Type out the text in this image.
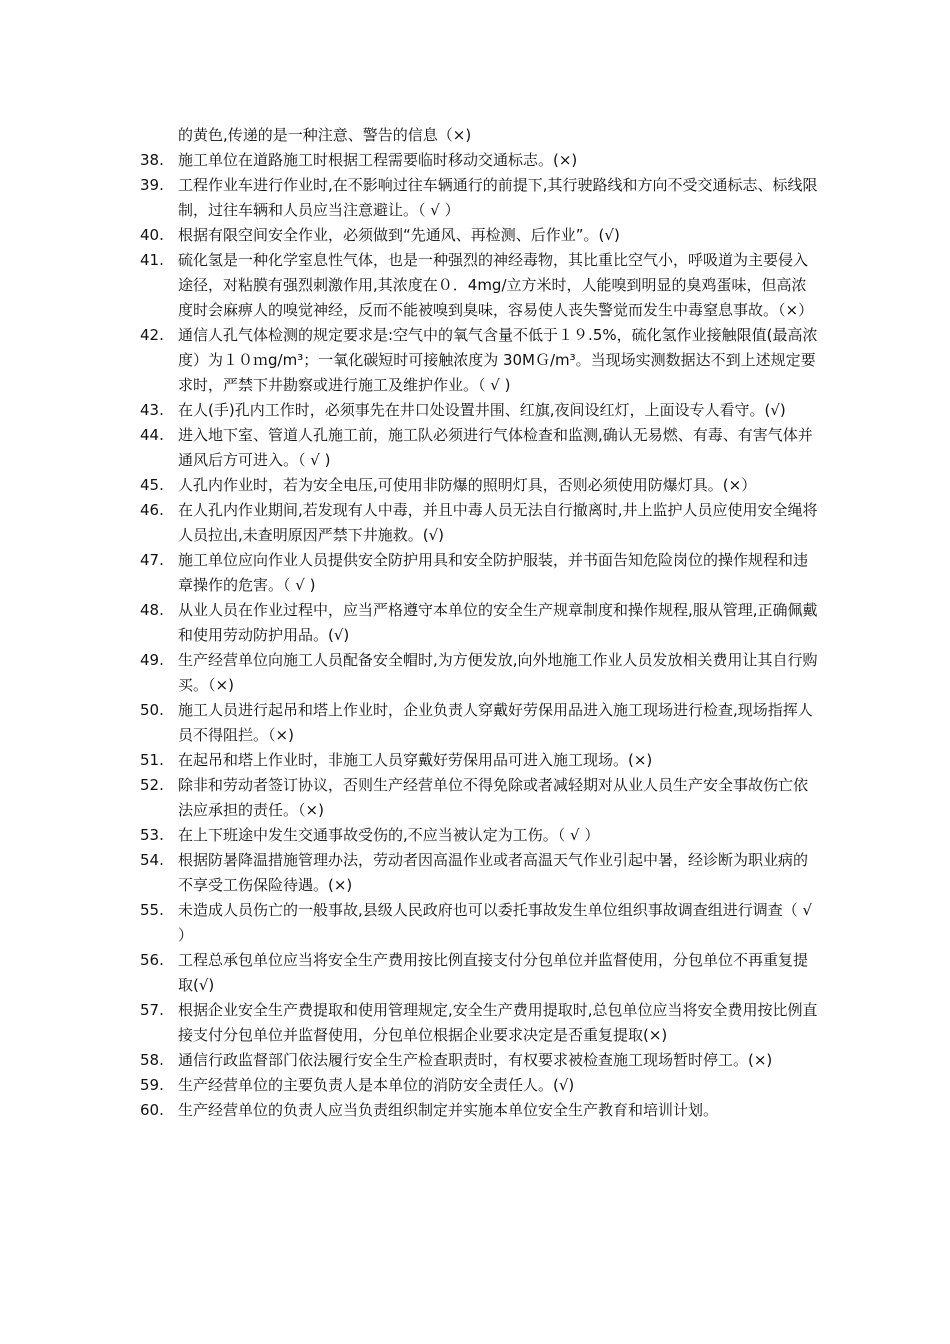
的黄色,传递的是一种注意、警告的信息（×)
38. 施工单位在道路施工时根据工程需要临时移动交通标志。(×)
39. 工程作业车进行作业时,在不影响过往车辆通行的前提下,其行驶路线和方向不受交通标志、标线限制，过往车辆和人员应当注意避让。（ √ ）
40. 根据有限空间安全作业，必须做到“先通风、再检测、后作业”。(√)
41. 硫化氢是一种化学室息性气体，也是一种强烈的神经毒物，其比重比空气小，呼吸道为主要侵入途径，对粘膜有强烈刺激作用,其浓度在０．4mg/立方米时，人能嗅到明显的臭鸡蛋味，但高浓度时会麻痹人的嗅觉神经，反而不能被嗅到臭味，容易使人丧失警觉而发生中毒窒息事故。（×）
42. 通信人孔气体检测的规定要求是:空气中的氧气含量不低于１９.5%，硫化氢作业接触限值(最高浓度）为１０ｍg/m³；一氧化碳短时可接触浓度为 30MＧ/m³。当现场实测数据达不到上述规定要求时，严禁下井勘察或进行施工及维护作业。（ √ )
43. 在人(手)孔内工作时，必须事先在井口处设置井围、红旗,夜间设红灯，上面设专人看守。(√)
44. 进入地下室、管道人孔施工前，施工队必须进行气体检查和监测,确认无易燃、有毒、有害气体并通风后方可进入。（ √ )
45. 人孔内作业时，若为安全电压,可使用非防爆的照明灯具，否则必须使用防爆灯具。(×）
46. 在人孔内作业期间,若发现有人中毒，并且中毒人员无法自行撤离时,井上监护人员应使用安全绳将人员拉出,未查明原因严禁下井施救。(√)
47. 施工单位应向作业人员提供安全防护用具和安全防护服装，并书面告知危险岗位的操作规程和违章操作的危害。（ √ )
48. 从业人员在作业过程中，应当严格遵守本单位的安全生产规章制度和操作规程,服从管理,正确佩戴和使用劳动防护用品。(√)
49. 生产经营单位向施工人员配备安全帽时,为方便发放,向外地施工作业人员发放相关费用让其自行购买。（×)
50. 施工人员进行起吊和塔上作业时，企业负责人穿戴好劳保用品进入施工现场进行检查,现场指挥人员不得阻拦。（×)
51. 在起吊和塔上作业时，非施工人员穿戴好劳保用品可进入施工现场。(×)
52. 除非和劳动者签订协议，否则生产经营单位不得免除或者减轻期对从业人员生产安全事故伤亡依法应承担的责任。（×)
53. 在上下班途中发生交通事故受伤的,不应当被认定为工伤。（ √ ）
54. 根据防暑降温措施管理办法，劳动者因高温作业或者高温天气作业引起中暑，经诊断为职业病的不享受工伤保险待遇。(×)
55. 未造成人员伤亡的一般事故,县级人民政府也可以委托事故发生单位组织事故调查组进行调查（ √ ）
56. 工程总承包单位应当将安全生产费用按比例直接支付分包单位并监督使用，分包单位不再重复提取(√)
57. 根据企业安全生产费提取和使用管理规定,安全生产费用提取时,总包单位应当将安全费用按比例直接支付分包单位并监督使用，分包单位根据企业要求决定是否重复提取(×)
58. 通信行政监督部门依法履行安全生产检查职责时，有权要求被检查施工现场暂时停工。(×)
59. 生产经营单位的主要负责人是本单位的消防安全责任人。(√)
60. 生产经营单位的负责人应当负责组织制定并实施本单位安全生产教育和培训计划。
